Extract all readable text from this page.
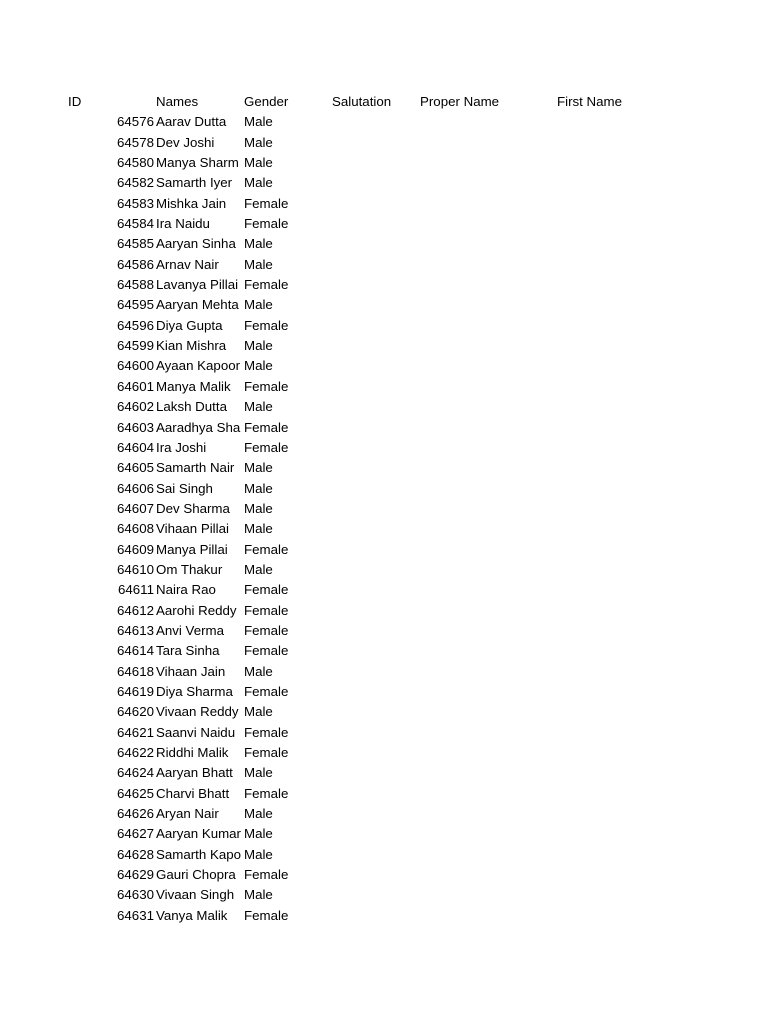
ID	Names	Gender	Salutation	Proper Name	First Name
64576 Aarav Dutta	Male
64578 Dev Joshi	Male
64580 Manya Sharm Male
64582 Samarth Iyer Male
64583 Mishka Jain	Female
64584 Ira Naidu	Female
64585 Aaryan Sinha Male
64586 Arnav Nair	Male
64588 Lavanya Pillai Female
64595 Aaryan Mehta Male
64596 Diya Gupta	Female
64599 Kian Mishra	Male
64600 Ayaan Kapoor Male
64601 Manya Malik	Female
64602 Laksh Dutta	Male
64603 Aaradhya Sha Female
64604 Ira Joshi	Female
64605 Samarth Nair Male
64606 Sai Singh	Male
64607 Dev Sharma	Male
64608 Vihaan Pillai	Male
64609 Manya Pillai	Female
64610 Om Thakur	Male
64611 Naira Rao	Female
64612 Aarohi Reddy Female
64613 Anvi Verma	Female
64614 Tara Sinha	Female
64618 Vihaan Jain	Male
64619 Diya Sharma Female
64620 Vivaan Reddy Male
64621 Saanvi Naidu Female
64622 Riddhi Malik	Female
64624 Aaryan Bhatt Male
64625 Charvi Bhatt	Female
64626 Aryan Nair	Male
64627 Aaryan Kumar Male
64628 Samarth Kapo Male
64629 Gauri Chopra Female
64630 Vivaan Singh Male
64631 Vanya Malik	Female
